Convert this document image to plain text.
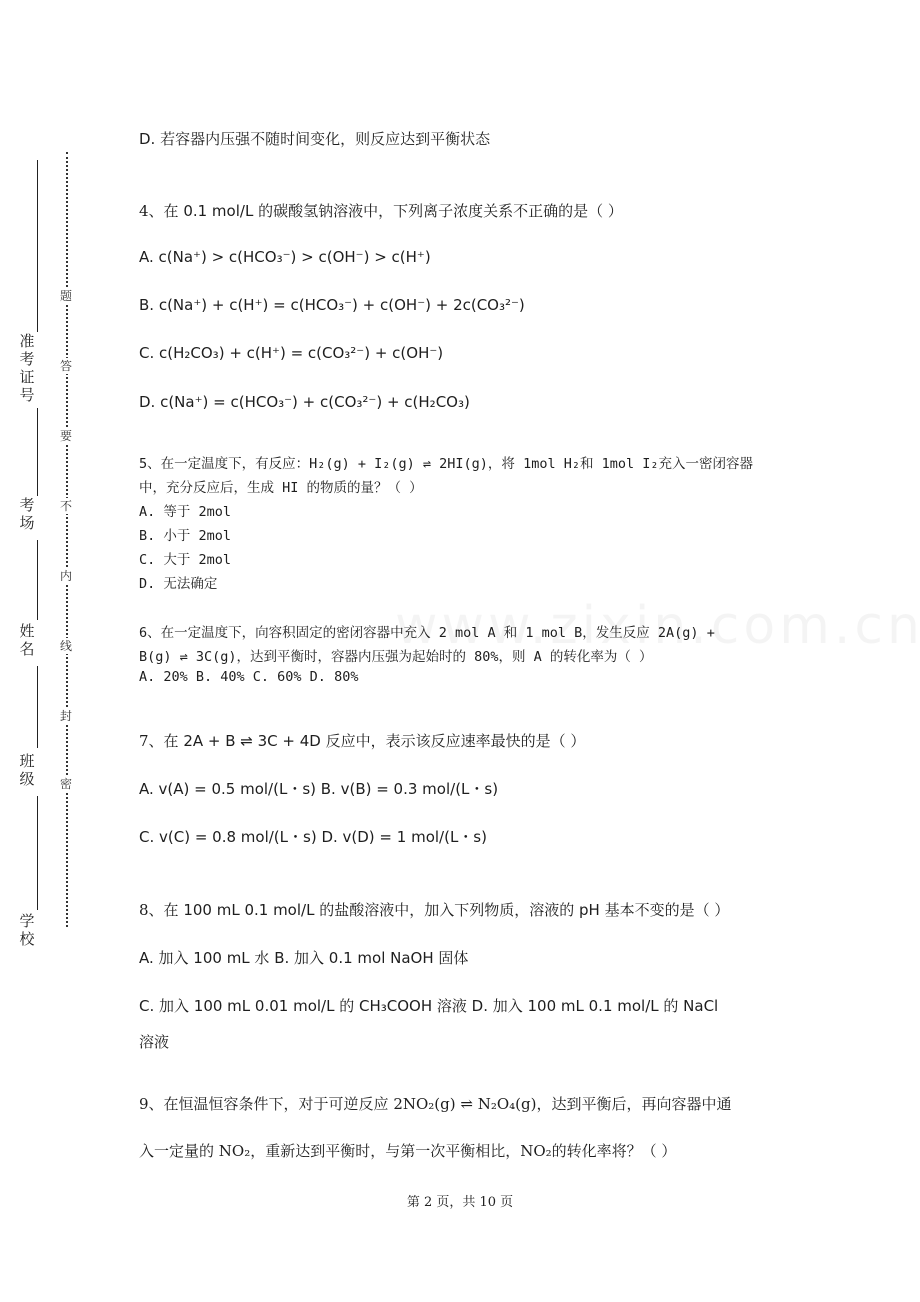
准考证号
考场
姓名
班级
学校
题
答
要
不
内
线
封
密
D. 若容器内压强不随时间变化，则反应达到平衡状态
4、在 0.1 mol/L 的碳酸氢钠溶液中，下列离子浓度关系不正确的是（ ）
A. c(Na⁺) > c(HCO₃⁻) > c(OH⁻) > c(H⁺)
B. c(Na⁺) + c(H⁺) = c(HCO₃⁻) + c(OH⁻) + 2c(CO₃²⁻)
C. c(H₂CO₃) + c(H⁺) = c(CO₃²⁻) + c(OH⁻)
D. c(Na⁺) = c(HCO₃⁻) + c(CO₃²⁻) + c(H₂CO₃)
5、在一定温度下，有反应：H₂(g) + I₂(g) ⇌ 2HI(g)，将 1mol H₂和 1mol I₂充入一密闭容器
中，充分反应后，生成 HI 的物质的量？（ ）
A. 等于 2mol
B. 小于 2mol
C. 大于 2mol
D. 无法确定
6、在一定温度下，向容积固定的密闭容器中充入 2 mol A 和 1 mol B，发生反应 2A(g) +
B(g) ⇌ 3C(g)，达到平衡时，容器内压强为起始时的 80%，则 A 的转化率为（ ）
A. 20% B. 40% C. 60% D. 80%
7、在 2A + B ⇌ 3C + 4D 反应中，表示该反应速率最快的是（ ）
A. v(A) = 0.5 mol/(L・s) B. v(B) = 0.3 mol/(L・s)
C. v(C) = 0.8 mol/(L・s) D. v(D) = 1 mol/(L・s)
8、在 100 mL 0.1 mol/L 的盐酸溶液中，加入下列物质，溶液的 pH 基本不变的是（ ）
A. 加入 100 mL 水 B. 加入 0.1 mol NaOH 固体
C. 加入 100 mL 0.01 mol/L 的 CH₃COOH 溶液 D. 加入 100 mL 0.1 mol/L 的 NaCl
溶液
9、在恒温恒容条件下，对于可逆反应 2NO₂(g) ⇌ N₂O₄(g)，达到平衡后，再向容器中通
入一定量的 NO₂，重新达到平衡时，与第一次平衡相比，NO₂的转化率将？（ ）
第 2 页，共 10 页
